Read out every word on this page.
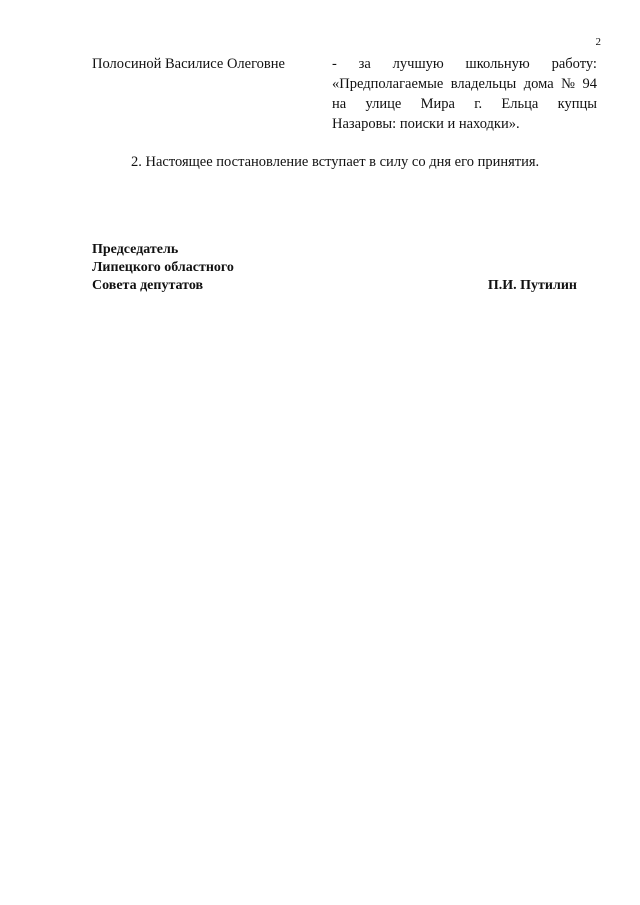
2
Полосиной Василисе Олеговне	- за лучшую школьную работу:
«Предполагаемые владельцы дома № 94
на улице Мира г. Ельца купцы
Назаровы: поиски и находки».
2. Настоящее постановление вступает в силу со дня его принятия.
Председатель
Липецкого областного
Совета депутатов	П.И. Путилин
